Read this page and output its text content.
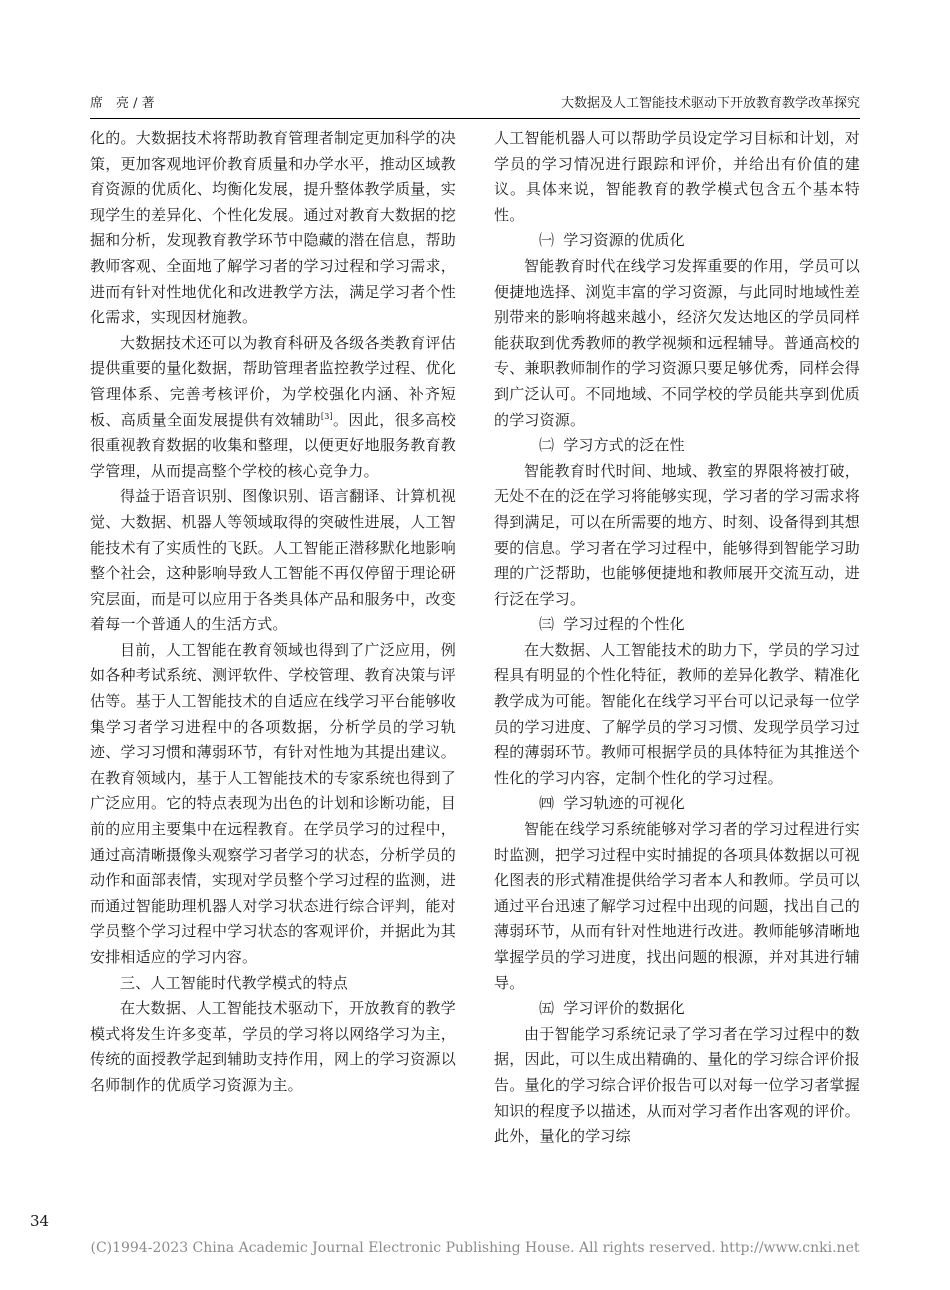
席　亮 / 著	大数据及人工智能技术驱动下开放教育教学改革探究

化的。大数据技术将帮助教育管理者制定更加科学的决策，更加客观地评价教育质量和办学水平，推动区域教育资源的优质化、均衡化发展，提升整体教学质量，实现学生的差异化、个性化发展。通过对教育大数据的挖掘和分析，发现教育教学环节中隐藏的潜在信息，帮助教师客观、全面地了解学习者的学习过程和学习需求，进而有针对性地优化和改进教学方法，满足学习者个性化需求，实现因材施教。

大数据技术还可以为教育科研及各级各类教育评估提供重要的量化数据，帮助管理者监控教学过程、优化管理体系、完善考核评价，为学校强化内涵、补齐短板、高质量全面发展提供有效辅助[3]。因此，很多高校很重视教育数据的收集和整理，以便更好地服务教育教学管理，从而提高整个学校的核心竞争力。

得益于语音识别、图像识别、语言翻译、计算机视觉、大数据、机器人等领域取得的突破性进展，人工智能技术有了实质性的飞跃。人工智能正潜移默化地影响整个社会，这种影响导致人工智能不再仅停留于理论研究层面，而是可以应用于各类具体产品和服务中，改变着每一个普通人的生活方式。

目前，人工智能在教育领域也得到了广泛应用，例如各种考试系统、测评软件、学校管理、教育决策与评估等。基于人工智能技术的自适应在线学习平台能够收集学习者学习进程中的各项数据，分析学员的学习轨迹、学习习惯和薄弱环节，有针对性地为其提出建议。在教育领域内，基于人工智能技术的专家系统也得到了广泛应用。它的特点表现为出色的计划和诊断功能，目前的应用主要集中在远程教育。在学员学习的过程中，通过高清晰摄像头观察学习者学习的状态，分析学员的动作和面部表情，实现对学员整个学习过程的监测，进而通过智能助理机器人对学习状态进行综合评判，能对学员整个学习过程中学习状态的客观评价，并据此为其安排相适应的学习内容。

三、人工智能时代教学模式的特点

在大数据、人工智能技术驱动下，开放教育的教学模式将发生许多变革，学员的学习将以网络学习为主，传统的面授教学起到辅助支持作用，网上的学习资源以名师制作的优质学习资源为主。

人工智能机器人可以帮助学员设定学习目标和计划，对学员的学习情况进行跟踪和评价，并给出有价值的建议。具体来说，智能教育的教学模式包含五个基本特性。

㈠ 学习资源的优质化

智能教育时代在线学习发挥重要的作用，学员可以便捷地选择、浏览丰富的学习资源，与此同时地域性差别带来的影响将越来越小，经济欠发达地区的学员同样能获取到优秀教师的教学视频和远程辅导。普通高校的专、兼职教师制作的学习资源只要足够优秀，同样会得到广泛认可。不同地域、不同学校的学员能共享到优质的学习资源。

㈡ 学习方式的泛在性

智能教育时代时间、地域、教室的界限将被打破，无处不在的泛在学习将能够实现，学习者的学习需求将得到满足，可以在所需要的地方、时刻、设备得到其想要的信息。学习者在学习过程中，能够得到智能学习助理的广泛帮助，也能够便捷地和教师展开交流互动，进行泛在学习。

㈢ 学习过程的个性化

在大数据、人工智能技术的助力下，学员的学习过程具有明显的个性化特征，教师的差异化教学、精准化教学成为可能。智能化在线学习平台可以记录每一位学员的学习进度、了解学员的学习习惯、发现学员学习过程的薄弱环节。教师可根据学员的具体特征为其推送个性化的学习内容，定制个性化的学习过程。

㈣ 学习轨迹的可视化

智能在线学习系统能够对学习者的学习过程进行实时监测，把学习过程中实时捕捉的各项具体数据以可视化图表的形式精准提供给学习者本人和教师。学员可以通过平台迅速了解学习过程中出现的问题，找出自己的薄弱环节，从而有针对性地进行改进。教师能够清晰地掌握学员的学习进度，找出问题的根源，并对其进行辅导。

㈤ 学习评价的数据化

由于智能学习系统记录了学习者在学习过程中的数据，因此，可以生成出精确的、量化的学习综合评价报告。量化的学习综合评价报告可以对每一位学习者掌握知识的程度予以描述，从而对学习者作出客观的评价。此外，量化的学习综

34
(C)1994-2023 China Academic Journal Electronic Publishing House. All rights reserved. http://www.cnki.net
